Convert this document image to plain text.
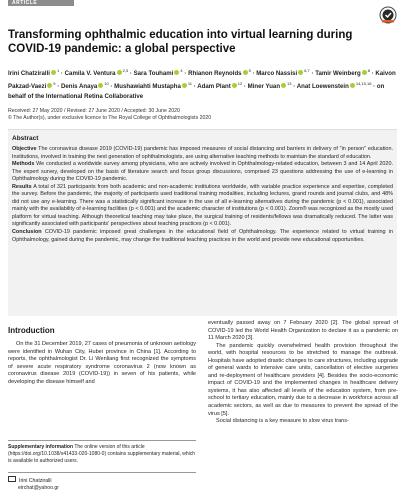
ARTICLE
Transforming ophthalmic education into virtual learning during COVID-19 pandemic: a global perspective
Irini Chatziralli $^1$ · Camila V. Ventura $^{2,3}$ · Sara Touhami $^4$ · Rhianon Reynolds $^5$ · Marco Nassisi $^{6,7}$ · Tamir Weinberg $^8$ · Kaivon Pakzad-Vaezi $^9$ · Denis Anaya $^{10}$ · Mushawiahti Mustapha $^{11}$ · Adam Plant $^{12}$ · Miner Yuan $^{13}$ · Anat Loewenstein $^{14,15,16}$ · on behalf of the International Retina Collaborative
Received: 27 May 2020 / Revised: 27 June 2020 / Accepted: 30 June 2020
© The Author(s), under exclusive licence to The Royal College of Ophthalmologists 2020
Abstract

Objective The coronavirus disease 2019 (COVID-19) pandemic has imposed measures of social distancing and barriers in delivery of "in person" education. Institutions, involved in training the next generation of ophthalmologists, are using alternative teaching methods to maintain the standard of education.

Methods We conducted a worldwide survey among physicians, who are actively involved in Ophthalmology-related education, between 3 and 14 April 2020. The expert survey, developed on the basis of literature search and focus group discussions, comprised 23 questions addressing the use of e-learning in Ophthalmology during the COVID-19 pandemic.

Results A total of 321 participants from both academic and non-academic institutions worldwide, with variable practice experience and expertise, completed the survey. Before the pandemic, the majority of participants used traditional training modalities, including lectures, grand rounds and journal clubs, and 48% did not use any e-learning. There was a statistically significant increase in the use of all e-learning alternatives during the pandemic (p < 0.001), associated mainly with the availability of e-learning facilities (p < 0.001) and the academic character of institutions (p < 0.001). Zoom® was recognized as the mostly used platform for virtual teaching. Although theoretical teaching may take place, the surgical training of residents/fellows was dramatically reduced. The latter was significantly associated with participants' perspectives about teaching practices (p < 0.001).

Conclusion COVID-19 pandemic imposed great challenges in the educational field of Ophthalmology. The experience related to virtual training in Ophthalmology, gained during the pandemic, may change the traditional teaching practices in the world and provide new educational opportunities.

Introduction

On the 31 December 2019, 27 cases of pneumonia of unknown aetiology were identified in Wuhan City, Hubei province in China [1]. According to reports, the ophthalmologist Dr. Li Wenliang first recognized the symptoms of severe acute respiratory syndrome coronavirus 2 (now known as coronavirus disease 2019 (COVID-19)) in seven of his patients, while developing the disease himself and

eventually passed away on 7 February 2020 [2]. The global spread of COVID-19 led the World Health Organization to declare it as a pandemic on 11 March 2020 [3].

The pandemic quickly overwhelmed health provision throughout the world, with hospital resources to be stretched to manage the outbreak. Hospitals have adopted drastic changes to care structures, including upgrade of general wards to intensive care units, cancellation of elective surgeries and re-deployment of healthcare providers [4]. Besides the socio-economic impact of COVID-19 and the implemented changes in healthcare delivery systems, it has also affected all levels of the education system, from pre-school to tertiary education, mainly due to a decrease in workforce across all academic sectors, as well as due to measures to prevent the spread of the virus [5].

Social distancing is a key measure to slow virus trans-

Supplementary information The online version of this article (https://doi.org/10.1038/s41433-020-1080-0) contains supplementary material, which is available to authorized users.
Irini Chatziralli
eirchat@yahoo.gr
